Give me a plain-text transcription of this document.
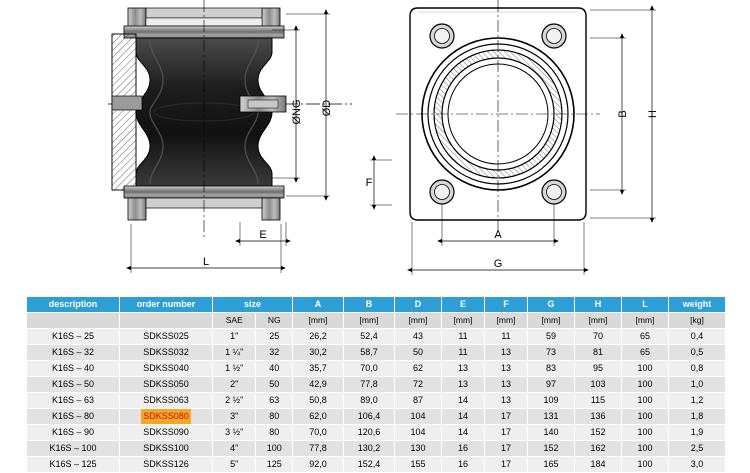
ØNG ØD
E
L
F
B H
A
G
description	order number	size		A	B	D	E	F	G	H	L	weight
		SAE	NG	[mm]	[mm]	[mm]	[mm]	[mm]	[mm]	[mm]	[mm]	[kg]
K16S – 25	SDKSS025	1"	25	26,2	52,4	43	11	11	59	70	65	0,4
K16S – 32	SDKSS032	1 ¼"	32	30,2	58,7	50	11	13	73	81	65	0,5
K16S – 40	SDKSS040	1 ½"	40	35,7	70,0	62	13	13	83	95	100	0,8
K16S – 50	SDKSS050	2"	50	42,9	77,8	72	13	13	97	103	100	1,0
K16S – 63	SDKSS063	2 ½"	63	50,8	89,0	87	14	13	109	115	100	1,2
K16S – 80	SDKSS080	3"	80	62,0	106,4	104	14	17	131	136	100	1,8
K16S – 90	SDKSS090	3 ½"	80	70,0	120,6	104	14	17	140	152	100	1,9
K16S – 100	SDKSS100	4"	100	77,8	130,2	130	16	17	152	162	100	2,5
K16S – 125	SDKSS126	5"	125	92,0	152,4	155	16	17	165	184	100	3,0
